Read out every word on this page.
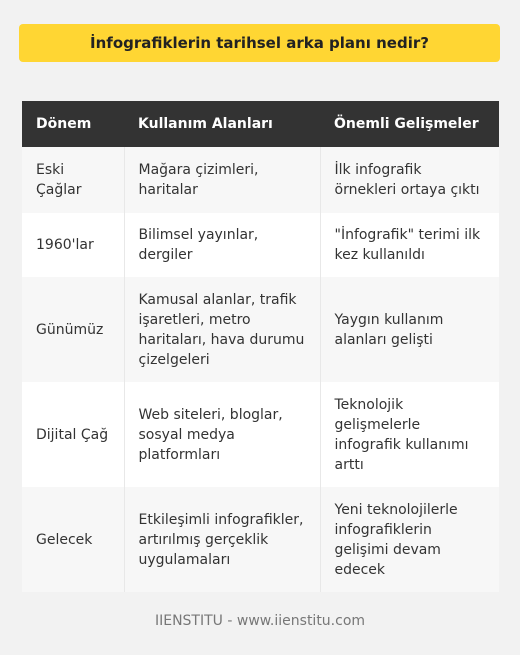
İnfografiklerin tarihsel arka planı nedir?
Dönem	Kullanım Alanları	Önemli Gelişmeler
Eski Çağlar	Mağara çizimleri, haritalar	İlk infografik örnekleri ortaya çıktı
1960'lar	Bilimsel yayınlar, dergiler	"İnfografik" terimi ilk kez kullanıldı
Günümüz	Kamusal alanlar, trafik işaretleri, metro haritaları, hava durumu çizelgeleri	Yaygın kullanım alanları gelişti
Dijital Çağ	Web siteleri, bloglar, sosyal medya platformları	Teknolojik gelişmelerle infografik kullanımı arttı
Gelecek	Etkileşimli infografikler, artırılmış gerçeklik uygulamaları	Yeni teknolojilerle infografiklerin gelişimi devam edecek
IIENSTITU - www.iienstitu.com
